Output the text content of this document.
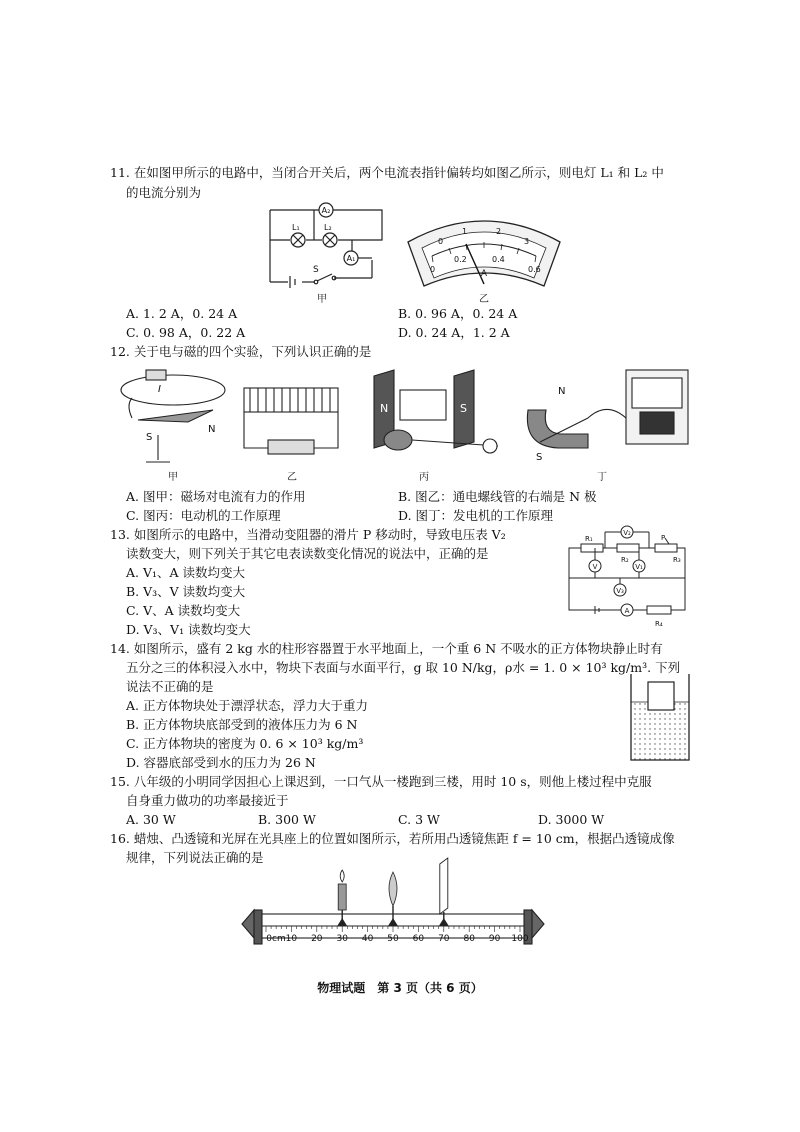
11. 在如图甲所示的电路中，当闭合开关后，两个电流表指针偏转均如图乙所示，则电灯 L₁ 和 L₂ 中
的电流分别为
A₂
A₁
L₁	L₂
S
甲
0
1	2
3
0
0.2	0.4
0.6
A
乙
A. 1. 2 A，0. 24 A	B. 0. 96 A，0. 24 A
C. 0. 98 A，0. 22 A	D. 0. 24 A，1. 2 A
12. 关于电与磁的四个实验，下列认识正确的是
I
S
N
甲	乙
N	S
丙
S
N
丁
A. 图甲：磁场对电流有力的作用	B. 图乙：通电螺线管的右端是 N 极
C. 图丙：电动机的工作原理	D. 图丁：发电机的工作原理
13. 如图所示的电路中，当滑动变阻器的滑片 P 移动时，导致电压表 V₂
读数变大，则下列关于其它电表读数变化情况的说法中，正确的是
A. V₁、A 读数均变大
B. V₃、V 读数均变大
C. V、A 读数均变大
D. V₃、V₁ 读数均变大
V₂
V	V₁
V₃
A
R₁
R₂	R₃
R₄
P
14. 如图所示，盛有 2 kg 水的柱形容器置于水平地面上，一个重 6 N 不吸水的正方体物块静止时有
五分之三的体积浸入水中，物块下表面与水面平行，g 取 10 N/kg，ρ水 = 1. 0 × 10³ kg/m³. 下列
说法不正确的是
A. 正方体物块处于漂浮状态，浮力大于重力
B. 正方体物块底部受到的液体压力为 6 N
C. 正方体物块的密度为 0. 6 × 10³ kg/m³
D. 容器底部受到水的压力为 26 N
15. 八年级的小明同学因担心上课迟到，一口气从一楼跑到三楼，用时 10 s，则他上楼过程中克服
自身重力做功的功率最接近于
A. 30 W	B. 300 W	C. 3 W	D. 3000 W
16. 蜡烛、凸透镜和光屏在光具座上的位置如图所示，若所用凸透镜焦距 f = 10 cm，根据凸透镜成像
规律，下列说法正确的是
0cm 10 20 30 40 50 60 70 80 90 100
物理试题　第 3 页（共 6 页）
